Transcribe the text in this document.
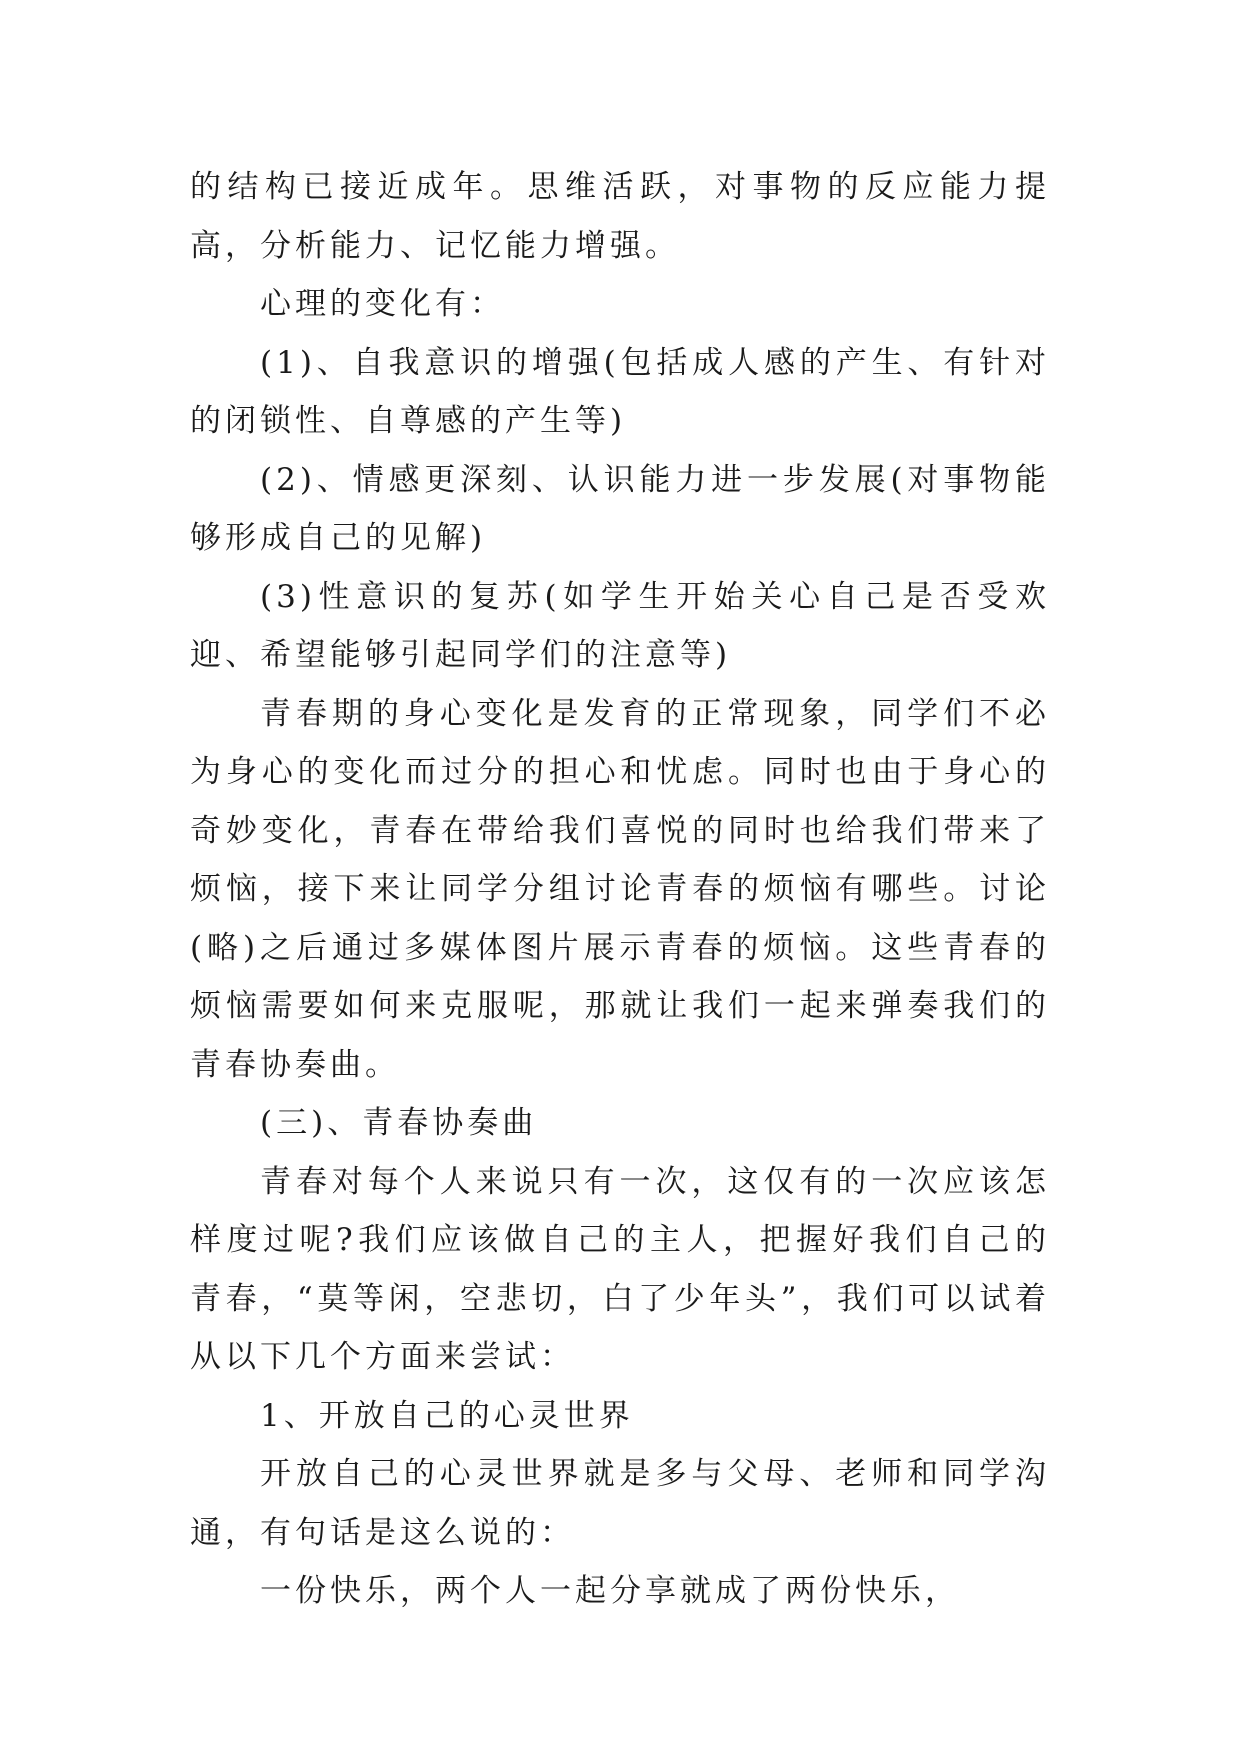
的结构已接近成年。思维活跃，对事物的反应能力提高，分析能力、记忆能力增强。

心理的变化有：

(1)、自我意识的增强(包括成人感的产生、有针对的闭锁性、自尊感的产生等)

(2)、情感更深刻、认识能力进一步发展(对事物能够形成自己的见解)

(3)性意识的复苏(如学生开始关心自己是否受欢迎、希望能够引起同学们的注意等)

青春期的身心变化是发育的正常现象，同学们不必为身心的变化而过分的担心和忧虑。同时也由于身心的奇妙变化，青春在带给我们喜悦的同时也给我们带来了烦恼，接下来让同学分组讨论青春的烦恼有哪些。讨论(略)之后通过多媒体图片展示青春的烦恼。这些青春的烦恼需要如何来克服呢，那就让我们一起来弹奏我们的青春协奏曲。

(三)、青春协奏曲

青春对每个人来说只有一次，这仅有的一次应该怎样度过呢?我们应该做自己的主人，把握好我们自己的青春，“莫等闲，空悲切，白了少年头”，我们可以试着从以下几个方面来尝试：

1、开放自己的心灵世界

开放自己的心灵世界就是多与父母、老师和同学沟通，有句话是这么说的：

一份快乐，两个人一起分享就成了两份快乐，
